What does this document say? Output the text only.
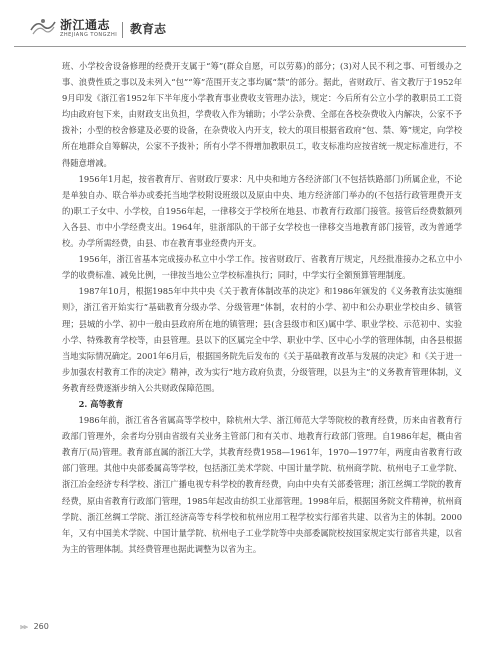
浙江通志
ZHEJIANG TONGZHI 教育志

班、小学校舍设备修理的经费开支属于“筹”(群众自愿，可以劳募)的部分；(3)对人民不利之事、可暂缓办之事、浪费性质之事以及未列入“包”“筹”范围开支之事均属“禁”的部分。据此，省财政厅、省文教厅于1952年9月印发《浙江省1952年下半年度小学教育事业费收支管理办法》，规定：今后所有公立小学的教职员工工资均由政府包下来，由财政支出负担，学费收入作为辅助；小学公杂费、全部在各校杂费收入内解决，公家不予拨补；小型的校舍修建及必要的设备，在杂费收入内开支，较大的项目根据省政府“包、禁、筹”规定，向学校所在地群众自筹解决，公家不予拨补；所有小学不得增加教职员工，收支标准均应按省统一规定标准进行，不得随意增减。

1956年1月起，按省教育厅、省财政厅要求：凡中央和地方各经济部门(不包括铁路部门)所属企业，不论是单独自办、联合举办或委托当地学校附设班级以及原由中央、地方经济部门举办的(不包括行政管理费开支的)职工子女中、小学校，自1956年起，一律移交于学校所在地县、市教育行政部门接管。接管后经费数额列入各县、市中小学经费支出。1964年，驻浙部队的干部子女学校也一律移交当地教育部门接管，改为普通学校。办学所需经费，由县、市在教育事业经费内开支。

1956年，浙江省基本完成接办私立中小学工作。按省财政厅、省教育厅规定，凡经批准接办之私立中小学的收费标准、减免比例，一律按当地公立学校标准执行；同时，中学实行全额预算管理制度。

1987年10月，根据1985年中共中央《关于教育体制改革的决定》和1986年颁发的《义务教育法实施细则》，浙江省开始实行“基础教育分级办学、分级管理”体制，农村的小学、初中和公办职业学校由乡、镇管理；县城的小学、初中一般由县政府所在地的镇管理；县(含县级市和区)属中学、职业学校、示范初中、实验小学、特殊教育学校等，由县管理。县以下的区属完全中学、职业中学、区中心小学的管理体制，由各县根据当地实际情况确定。2001年6月后，根据国务院先后发布的《关于基础教育改革与发展的决定》和《关于进一步加强农村教育工作的决定》精神，改为实行“地方政府负责，分级管理，以县为主”的义务教育管理体制，义务教育经费逐渐步纳入公共财政保障范围。

2. 高等教育

1986年前，浙江省各省属高等学校中，除杭州大学、浙江师范大学等院校的教育经费，历来由省教育行政部门管理外，余者均分别由省级有关业务主管部门和有关市、地教育行政部门管理。自1986年起，概由省教育厅(局)管理。教育部直属的浙江大学，其教育经费1958—1961年，1970—1977年，两度由省教育行政部门管理。其他中央部委属高等学校，包括浙江美术学院、中国计量学院、杭州商学院、杭州电子工业学院、浙江冶金经济专科学校、浙江广播电视专科学校的教育经费，向由中央有关部委管理；浙江丝绸工学院的教育经费，原由省教育行政部门管理，1985年起改由纺织工业部管理。1998年后，根据国务院文件精神，杭州商学院、浙江丝绸工学院、浙江经济高等专科学校和杭州应用工程学校实行部省共建、以省为主的体制。2000年，又有中国美术学院、中国计量学院、杭州电子工业学院等中央部委属院校按国家规定实行部省共建，以省为主的管理体制。其经费管理也据此调整为以省为主。

⫸⫸ 260
